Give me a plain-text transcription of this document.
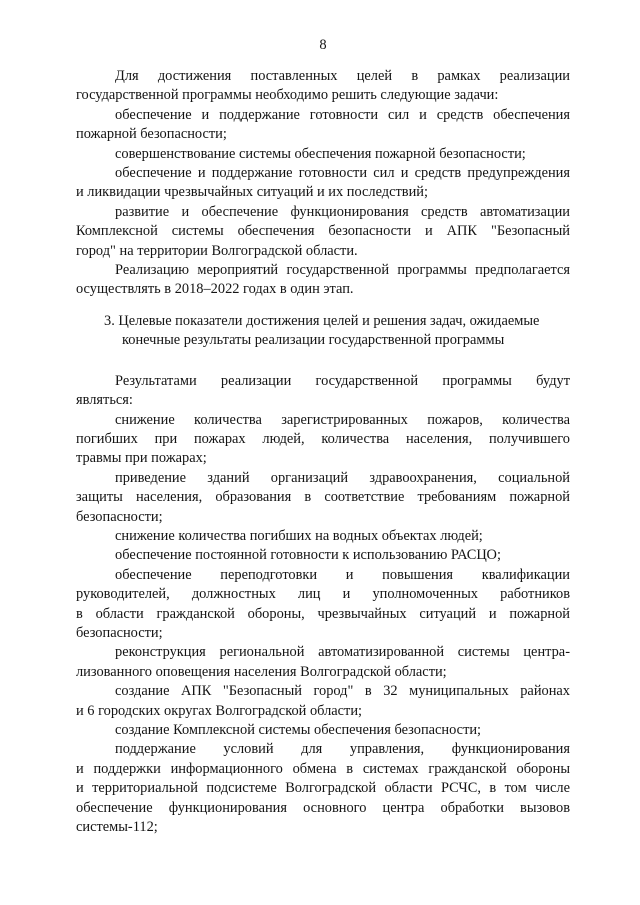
8
Для достижения поставленных целей в рамках реализации
государственной программы необходимо решить следующие задачи:
обеспечение и поддержание готовности сил и средств обеспечения
пожарной безопасности;
совершенствование системы обеспечения пожарной безопасности;
обеспечение и поддержание готовности сил и средств предупреждения
и ликвидации чрезвычайных ситуаций и их последствий;
развитие и обеспечение функционирования средств автоматизации
Комплексной системы обеспечения безопасности и АПК "Безопасный
город" на территории Волгоградской области.
Реализацию мероприятий государственной программы предполагается
осуществлять в 2018–2022 годах в один этап.
3. Целевые показатели достижения целей и решения задач, ожидаемые
конечные результаты реализации государственной программы
Результатами реализации государственной программы будут
являться:
снижение количества зарегистрированных пожаров, количества
погибших при пожарах людей, количества населения, получившего
травмы при пожарах;
приведение зданий организаций здравоохранения, социальной
защиты населения, образования в соответствие требованиям пожарной
безопасности;
снижение количества погибших на водных объектах людей;
обеспечение постоянной готовности к использованию РАСЦО;
обеспечение переподготовки и повышения квалификации
руководителей, должностных лиц и уполномоченных работников
в области гражданской обороны, чрезвычайных ситуаций и пожарной
безопасности;
реконструкция региональной автоматизированной системы центра-
лизованного оповещения населения Волгоградской области;
создание АПК "Безопасный город" в 32 муниципальных районах
и 6 городских округах Волгоградской области;
создание Комплексной системы обеспечения безопасности;
поддержание условий для управления, функционирования
и поддержки информационного обмена в системах гражданской обороны
и территориальной подсистеме Волгоградской области РСЧС, в том числе
обеспечение функционирования основного центра обработки вызовов
системы-112;
